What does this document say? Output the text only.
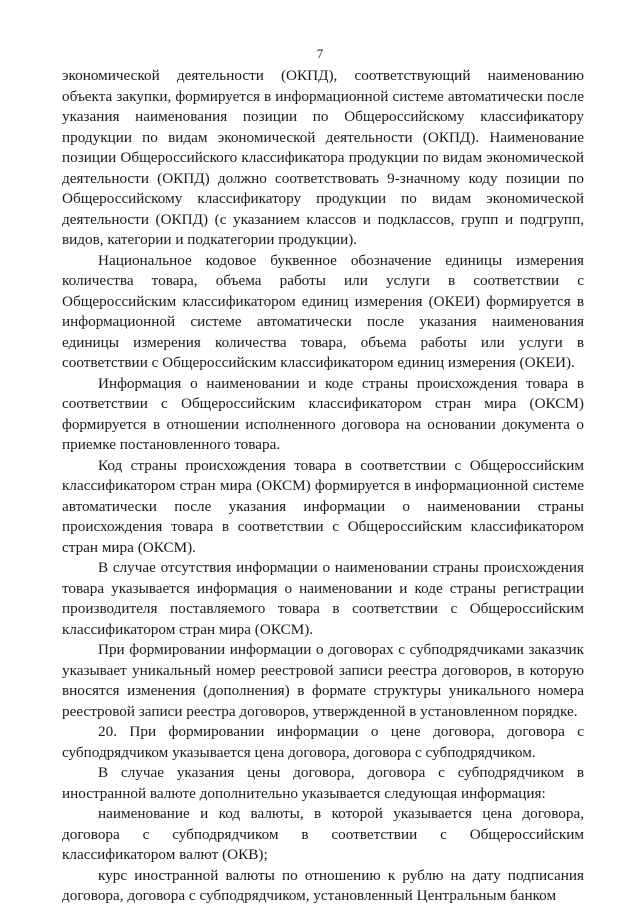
7

экономической деятельности (ОКПД), соответствующий наименованию объекта закупки, формируется в информационной системе автоматически после указания наименования позиции по Общероссийскому классификатору продукции по видам экономической деятельности (ОКПД). Наименование позиции Общероссийского классификатора продукции по видам экономической деятельности (ОКПД) должно соответствовать 9-значному коду позиции по Общероссийскому классификатору продукции по видам экономической деятельности (ОКПД) (с указанием классов и подклассов, групп и подгрупп, видов, категории и подкатегории продукции).

Национальное кодовое буквенное обозначение единицы измерения количества товара, объема работы или услуги в соответствии с Общероссийским классификатором единиц измерения (ОКЕИ) формируется в информационной системе автоматически после указания наименования единицы измерения количества товара, объема работы или услуги в соответствии с Общероссийским классификатором единиц измерения (ОКЕИ).

Информация о наименовании и коде страны происхождения товара в соответствии с Общероссийским классификатором стран мира (ОКСМ) формируется в отношении исполненного договора на основании документа о приемке постановленного товара.

Код страны происхождения товара в соответствии с Общероссийским классификатором стран мира (ОКСМ) формируется в информационной системе автоматически после указания информации о наименовании страны происхождения товара в соответствии с Общероссийским классификатором стран мира (ОКСМ).

В случае отсутствия информации о наименовании страны происхождения товара указывается информация о наименовании и коде страны регистрации производителя поставляемого товара в соответствии с Общероссийским классификатором стран мира (ОКСМ).

При формировании информации о договорах с субподрядчиками заказчик указывает уникальный номер реестровой записи реестра договоров, в которую вносятся изменения (дополнения) в формате структуры уникального номера реестровой записи реестра договоров, утвержденной в установленном порядке.

20. При формировании информации о цене договора, договора с субподрядчиком указывается цена договора, договора с субподрядчиком.

В случае указания цены договора, договора с субподрядчиком в иностранной валюте дополнительно указывается следующая информация:

наименование и код валюты, в которой указывается цена договора, договора с субподрядчиком в соответствии с Общероссийским классификатором валют (ОКВ);

курс иностранной валюты по отношению к рублю на дату подписания договора, договора с субподрядчиком, установленный Центральным банком
